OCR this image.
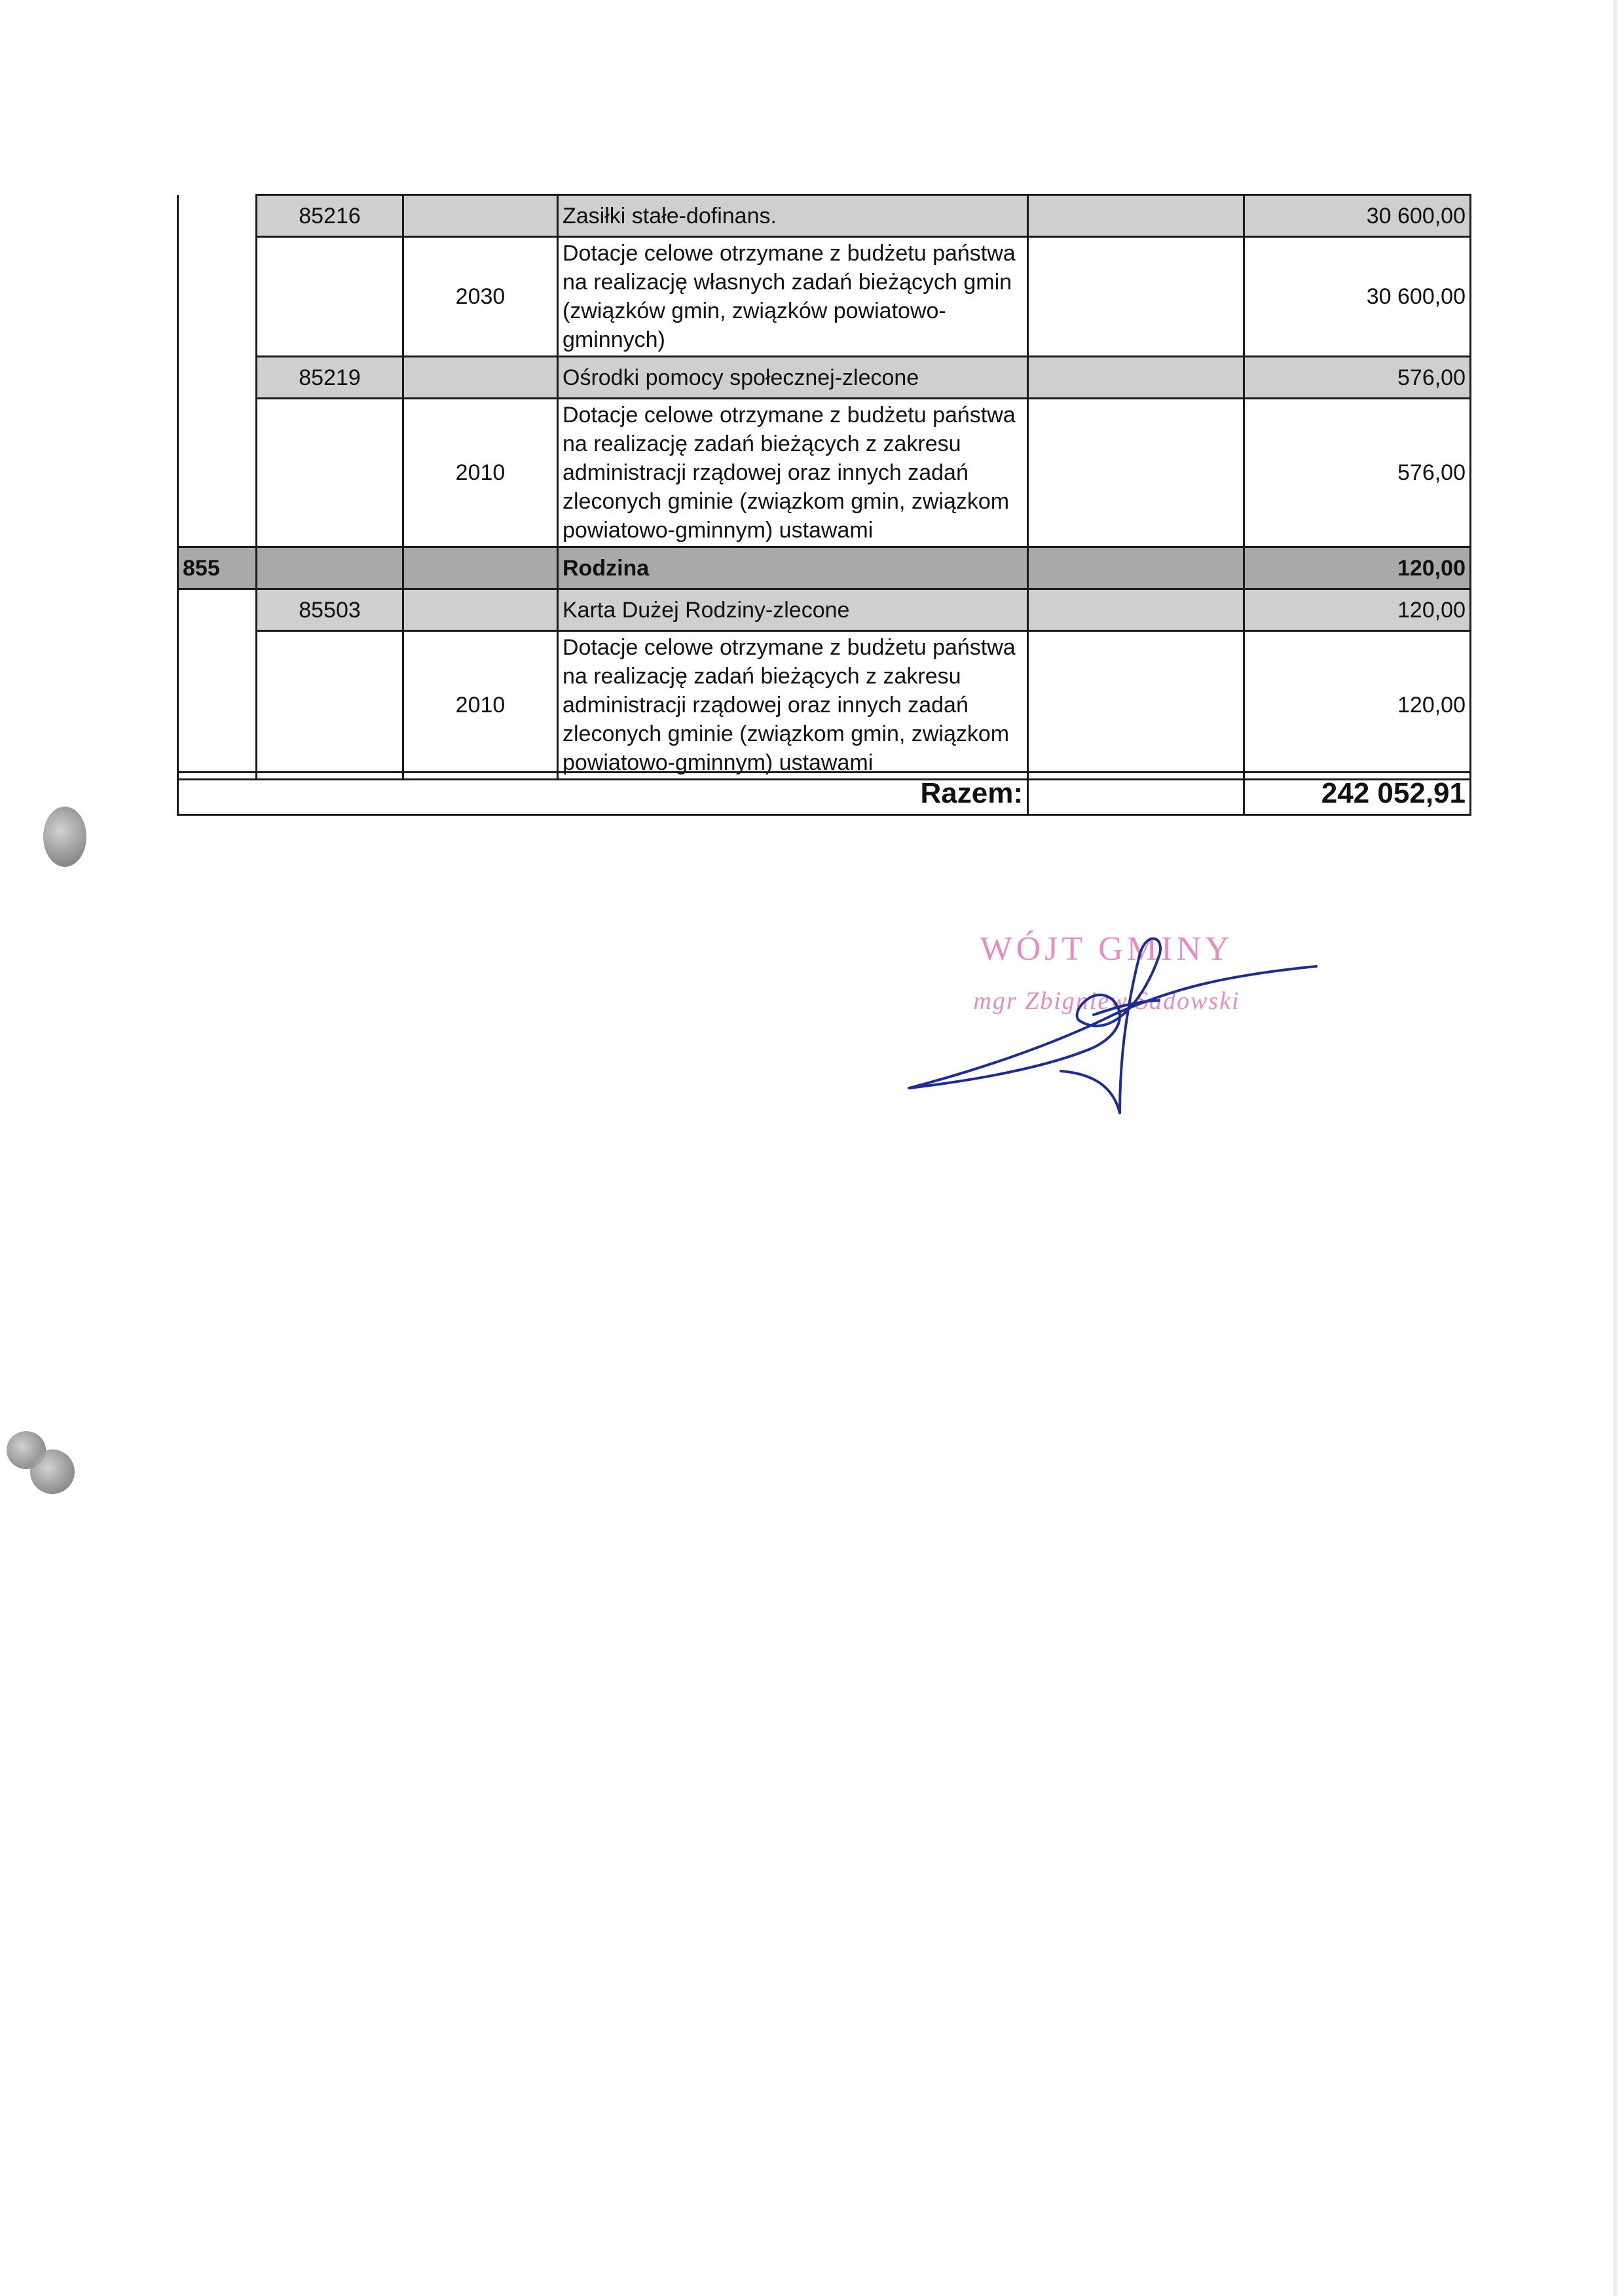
	85216		Zasiłki stałe-dofinans.		30 600,00
		2030	Dotacje celowe otrzymane z budżetu państwa na realizację własnych zadań bieżących gmin (związków gmin, związków powiatowo-gminnych)		30 600,00
	85219		Ośrodki pomocy społecznej-zlecone		576,00
		2010	Dotacje celowe otrzymane z budżetu państwa na realizację zadań bieżących z zakresu administracji rządowej oraz innych zadań zleconych gminie (związkom gmin, związkom powiatowo-gminnym) ustawami		576,00
855			Rodzina		120,00
	85503		Karta Dużej Rodziny-zlecone		120,00
		2010	Dotacje celowe otrzymane z budżetu państwa na realizację zadań bieżących z zakresu administracji rządowej oraz innych zadań zleconych gminie (związkom gmin, związkom powiatowo-gminnym) ustawami		120,00
Razem:		242 052,91
WÓJT GMINY
mgr Zbigniew Sadowski
